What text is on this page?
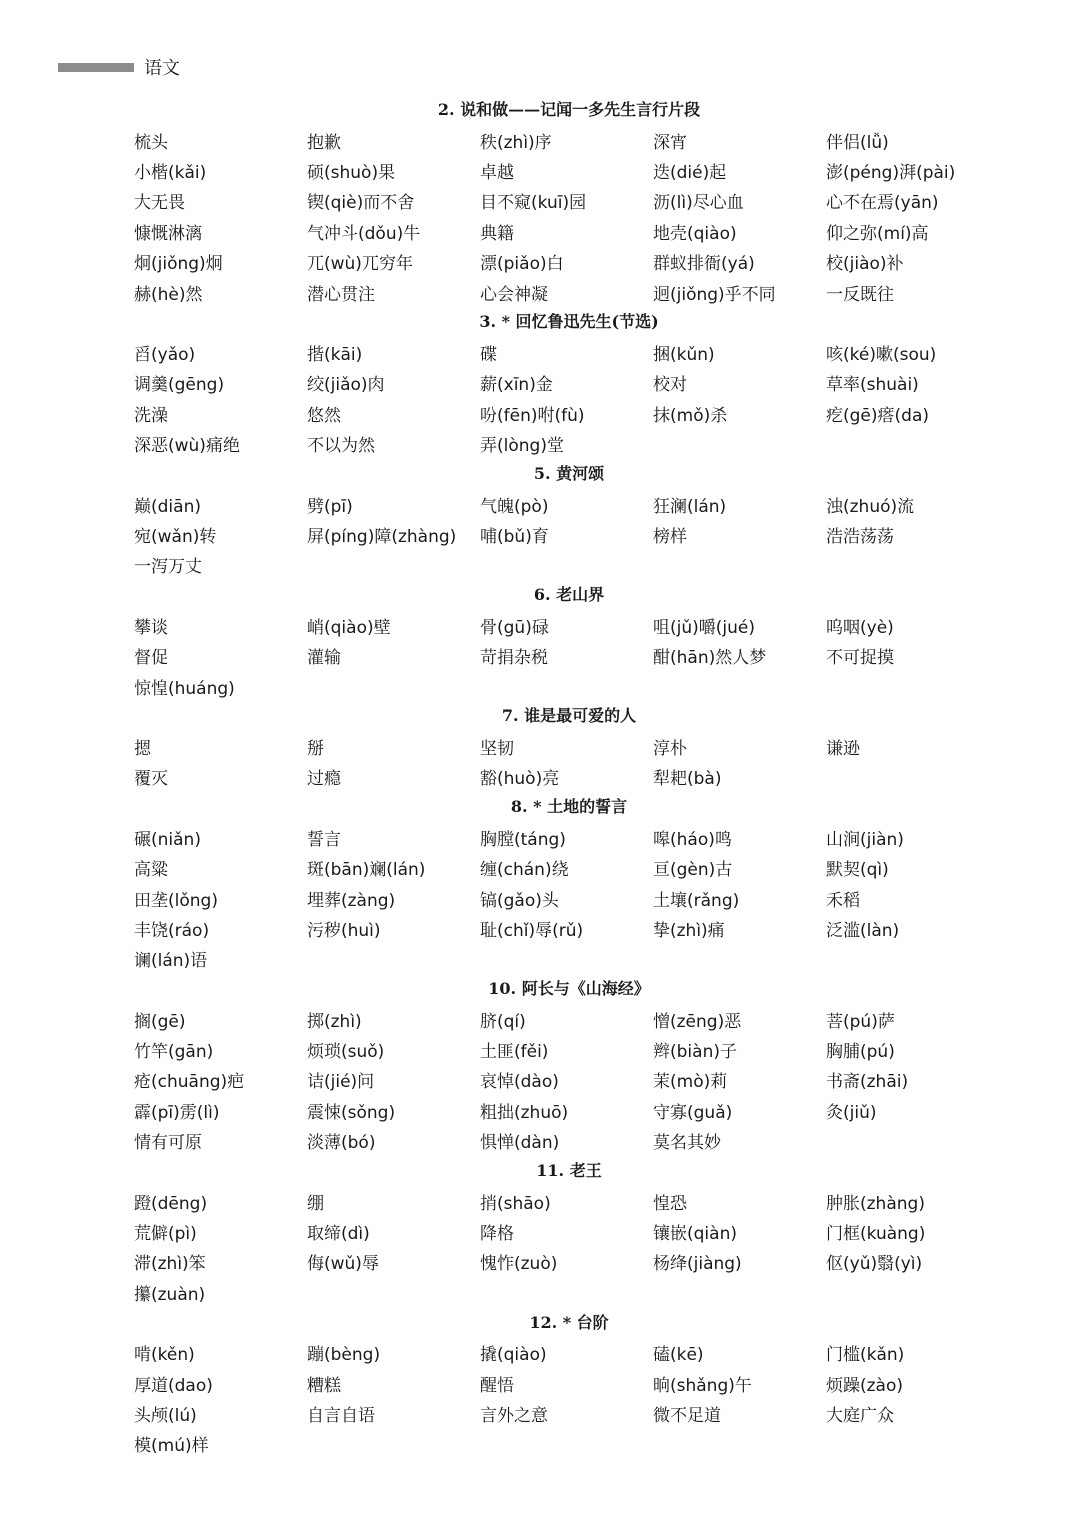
语文
2. 说和做——记闻一多先生言行片段
梳头	抱歉	秩(zhì)序	深宵	伴侣(lǚ)
小楷(kǎi)	硕(shuò)果	卓越	迭(dié)起	澎(péng)湃(pài)
大无畏	锲(qiè)而不舍	目不窥(kuī)园	沥(lì)尽心血	心不在焉(yān)
慷慨淋漓	气冲斗(dǒu)牛	典籍	地壳(qiào)	仰之弥(mí)高
炯(jiǒng)炯	兀(wù)兀穷年	漂(piǎo)白	群蚁排衙(yá)	校(jiào)补
赫(hè)然	潜心贯注	心会神凝	迥(jiǒng)乎不同	一反既往
3. * 回忆鲁迅先生(节选)
舀(yǎo)	揩(kāi)	碟	捆(kǔn)	咳(ké)嗽(sou)
调羹(gēng)	绞(jiǎo)肉	薪(xīn)金	校对	草率(shuài)
洗澡	悠然	吩(fēn)咐(fù)	抹(mǒ)杀	疙(gē)瘩(da)
深恶(wù)痛绝	不以为然	弄(lòng)堂
5. 黄河颂
巅(diān)	劈(pī)	气魄(pò)	狂澜(lán)	浊(zhuó)流
宛(wǎn)转	屏(píng)障(zhàng)	哺(bǔ)育	榜样	浩浩荡荡
一泻万丈
6. 老山界
攀谈	峭(qiào)壁	骨(gū)碌	咀(jǔ)嚼(jué)	呜咽(yè)
督促	灌输	苛捐杂税	酣(hān)然人梦	不可捉摸
惊惶(huáng)
7. 谁是最可爱的人
摁	掰	坚韧	淳朴	谦逊
覆灭	过瘾	豁(huò)亮	犁耙(bà)
8. * 土地的誓言
碾(niǎn)	誓言	胸膛(táng)	嗥(háo)鸣	山涧(jiàn)
高粱	斑(bān)斓(lán)	缠(chán)绕	亘(gèn)古	默契(qì)
田垄(lǒng)	埋葬(zàng)	镐(gǎo)头	土壤(rǎng)	禾稻
丰饶(ráo)	污秽(huì)	耻(chǐ)辱(rǔ)	挚(zhì)痛	泛滥(làn)
谰(lán)语
10. 阿长与《山海经》
搁(gē)	掷(zhì)	脐(qí)	憎(zēng)恶	菩(pú)萨
竹竿(gān)	烦琐(suǒ)	土匪(fěi)	辫(biàn)子	胸脯(pú)
疮(chuāng)疤	诘(jié)问	哀悼(dào)	茉(mò)莉	书斋(zhāi)
霹(pī)雳(lì)	震悚(sǒng)	粗拙(zhuō)	守寡(guǎ)	灸(jiǔ)
情有可原	淡薄(bó)	惧惮(dàn)	莫名其妙
11. 老王
蹬(dēng)	绷	捎(shāo)	惶恐	肿胀(zhàng)
荒僻(pì)	取缔(dì)	降格	镶嵌(qiàn)	门框(kuàng)
滞(zhì)笨	侮(wǔ)辱	愧怍(zuò)	杨绛(jiàng)	伛(yǔ)翳(yì)
攥(zuàn)
12. * 台阶
啃(kěn)	蹦(bèng)	撬(qiào)	磕(kē)	门槛(kǎn)
厚道(dao)	糟糕	醒悟	晌(shǎng)午	烦躁(zào)
头颅(lú)	自言自语	言外之意	微不足道	大庭广众
模(mú)样
